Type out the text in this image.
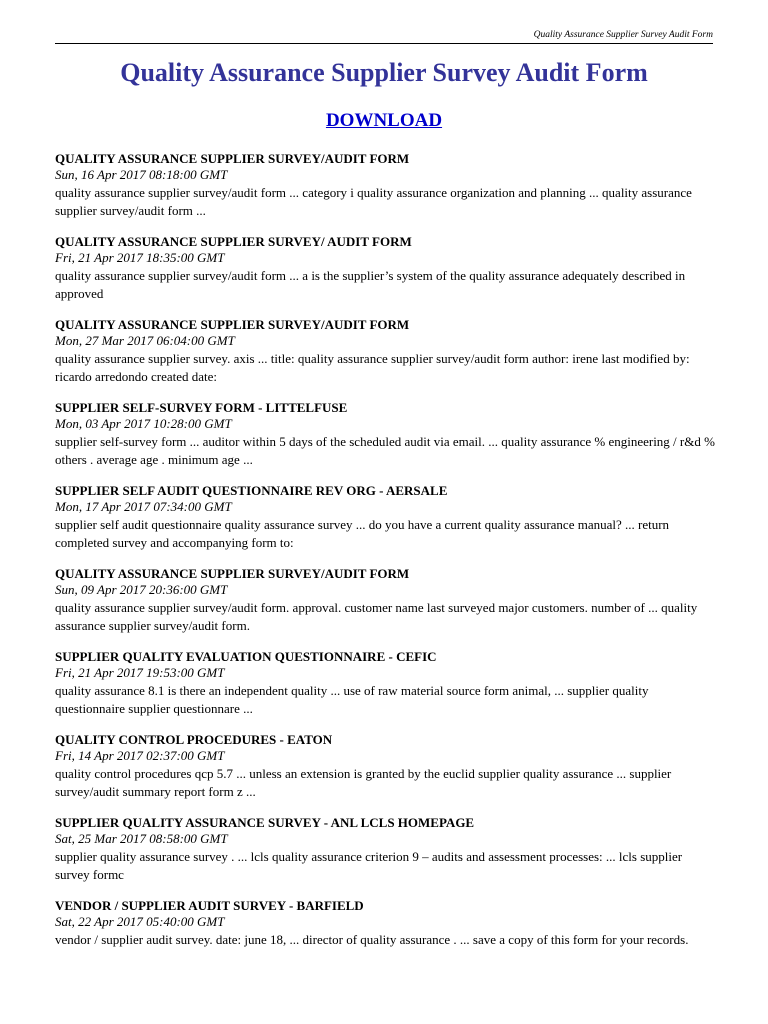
Quality Assurance Supplier Survey Audit Form
Quality Assurance Supplier Survey Audit Form
DOWNLOAD
QUALITY ASSURANCE SUPPLIER SURVEY/AUDIT FORM
Sun, 16 Apr 2017 08:18:00 GMT
quality assurance supplier survey/audit form ... category i quality assurance organization and planning ... quality assurance supplier survey/audit form ...
QUALITY ASSURANCE SUPPLIER SURVEY/ AUDIT FORM
Fri, 21 Apr 2017 18:35:00 GMT
quality assurance supplier survey/audit form ... a is the supplier’s system of the quality assurance adequately described in approved
QUALITY ASSURANCE SUPPLIER SURVEY/AUDIT FORM
Mon, 27 Mar 2017 06:04:00 GMT
quality assurance supplier survey. axis ... title: quality assurance supplier survey/audit form author: irene last modified by: ricardo arredondo created date:
SUPPLIER SELF-SURVEY FORM - LITTELFUSE
Mon, 03 Apr 2017 10:28:00 GMT
supplier self-survey form ... auditor within 5 days of the scheduled audit via email. ... quality assurance % engineering / r&d % others . average age . minimum age ...
SUPPLIER SELF AUDIT QUESTIONNAIRE REV ORG - AERSALE
Mon, 17 Apr 2017 07:34:00 GMT
supplier self audit questionnaire quality assurance survey ... do you have a current quality assurance manual? ... return completed survey and accompanying form to:
QUALITY ASSURANCE SUPPLIER SURVEY/AUDIT FORM
Sun, 09 Apr 2017 20:36:00 GMT
quality assurance supplier survey/audit form. approval. customer name last surveyed major customers. number of ... quality assurance supplier survey/audit form.
SUPPLIER QUALITY EVALUATION QUESTIONNAIRE - CEFIC
Fri, 21 Apr 2017 19:53:00 GMT
quality assurance 8.1 is there an independent quality ... use of raw material source form animal, ... supplier quality questionnaire supplier questionnare ...
QUALITY CONTROL PROCEDURES - EATON
Fri, 14 Apr 2017 02:37:00 GMT
quality control procedures qcp 5.7 ... unless an extension is granted by the euclid supplier quality assurance ... supplier survey/audit summary report form z ...
SUPPLIER QUALITY ASSURANCE SURVEY - ANL LCLS HOMEPAGE
Sat, 25 Mar 2017 08:58:00 GMT
supplier quality assurance survey . ... lcls quality assurance criterion 9 – audits and assessment processes: ... lcls supplier survey formc
VENDOR / SUPPLIER AUDIT SURVEY - BARFIELD
Sat, 22 Apr 2017 05:40:00 GMT
vendor / supplier audit survey. date: june 18, ... director of quality assurance . ... save a copy of this form for your records.
